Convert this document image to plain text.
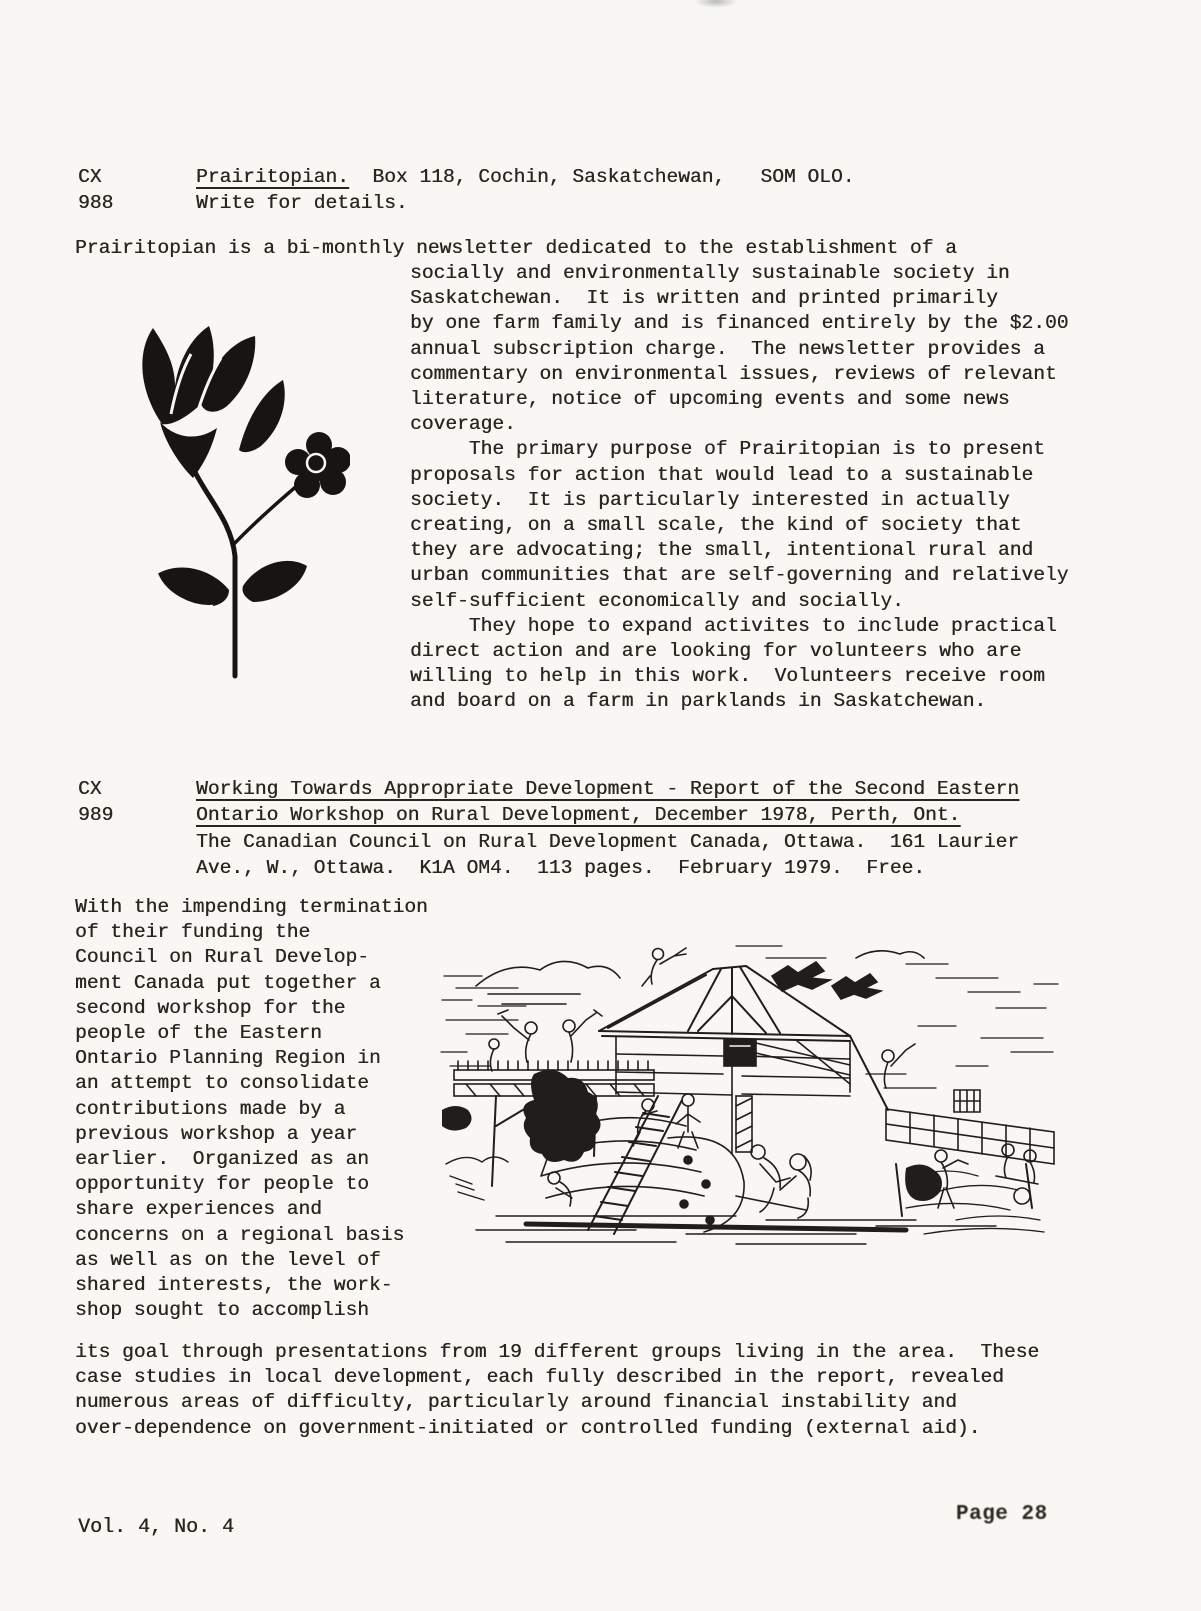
CX
988
Prairitopian.  Box 118, Cochin, Saskatchewan,   SOM OLO.
Write for details.
Prairitopian is a bi-monthly newsletter dedicated to the establishment of a
socially and environmentally sustainable society in
Saskatchewan.  It is written and printed primarily
by one farm family and is financed entirely by the $2.00
annual subscription charge.  The newsletter provides a
commentary on environmental issues, reviews of relevant
literature, notice of upcoming events and some news
coverage.
The primary purpose of Prairitopian is to present
proposals for action that would lead to a sustainable
society.  It is particularly interested in actually
creating, on a small scale, the kind of society that
they are advocating; the small, intentional rural and
urban communities that are self-governing and relatively
self-sufficient economically and socially.
They hope to expand activites to include practical
direct action and are looking for volunteers who are
willing to help in this work.  Volunteers receive room
and board on a farm in parklands in Saskatchewan.
CX
989
Working Towards Appropriate Development - Report of the Second Eastern
Ontario Workshop on Rural Development, December 1978, Perth, Ont.
The Canadian Council on Rural Development Canada, Ottawa.  161 Laurier
Ave., W., Ottawa.  K1A OM4.  113 pages.  February 1979.  Free.
With the impending termination
of their funding the
Council on Rural Develop-
ment Canada put together a
second workshop for the
people of the Eastern
Ontario Planning Region in
an attempt to consolidate
contributions made by a
previous workshop a year
earlier.  Organized as an
opportunity for people to
share experiences and
concerns on a regional basis
as well as on the level of
shared interests, the work-
shop sought to accomplish
its goal through presentations from 19 different groups living in the area.  These
case studies in local development, each fully described in the report, revealed
numerous areas of difficulty, particularly around financial instability and
over-dependence on government-initiated or controlled funding (external aid).
Vol. 4, No. 4
Page 28
